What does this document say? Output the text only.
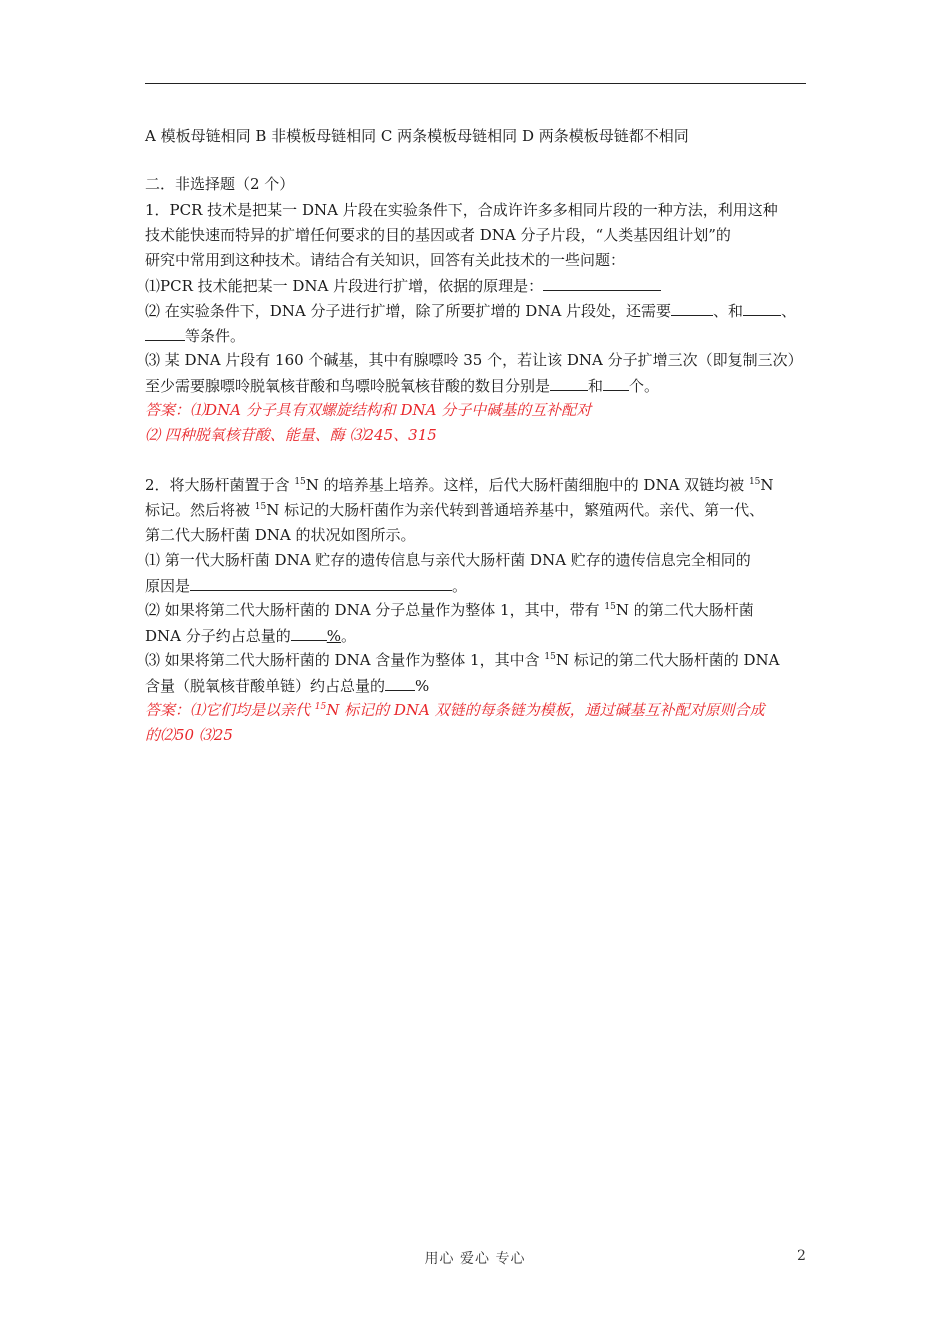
A 模板母链相同 B 非模板母链相同 C 两条模板母链相同 D 两条模板母链都不相同
二．非选择题（2 个）
1．PCR 技术是把某一 DNA 片段在实验条件下，合成许许多多相同片段的一种方法，利用这种
技术能快速而特异的扩增任何要求的目的基因或者 DNA 分子片段，“人类基因组计划”的
研究中常用到这种技术。请结合有关知识，回答有关此技术的一些问题：
⑴PCR 技术能把某一 DNA 片段进行扩增，依据的原理是：
⑵ 在实验条件下，DNA 分子进行扩增，除了所要扩增的 DNA 片段处，还需要	、和	、
等条件。
⑶ 某 DNA 片段有 160 个碱基，其中有腺嘌呤 35 个，若让该 DNA 分子扩增三次（即复制三次）
至少需要腺嘌呤脱氧核苷酸和鸟嘌呤脱氧核苷酸的数目分别是	和 个。
答案：⑴DNA 分子具有双螺旋结构和 DNA 分子中碱基的互补配对
⑵ 四种脱氧核苷酸、能量、酶 ⑶245、315
2．将大肠杆菌置于含 $^{15}$N 的培养基上培养。这样，后代大肠杆菌细胞中的 DNA 双链均被 $^{15}$N
标记。然后将被 $^{15}$N 标记的大肠杆菌作为亲代转到普通培养基中，繁殖两代。亲代、第一代、
第二代大肠杆菌 DNA 的状况如图所示。
⑴ 第一代大肠杆菌 DNA 贮存的遗传信息与亲代大肠杆菌 DNA 贮存的遗传信息完全相同的
原因是	。
⑵ 如果将第二代大肠杆菌的 DNA 分子总量作为整体 1，其中，带有 $^{15}$N 的第二代大肠杆菌
DNA 分子约占总量的 %。
⑶ 如果将第二代大肠杆菌的 DNA 含量作为整体 1，其中含 $^{15}$N 标记的第二代大肠杆菌的 DNA
含量（脱氧核苷酸单链）约占总量的 %
答案：⑴它们均是以亲代 $^{15}$N 标记的 DNA 双链的每条链为模板，通过碱基互补配对原则合成
的⑵50 ⑶25
用心 爱心 专心	2
